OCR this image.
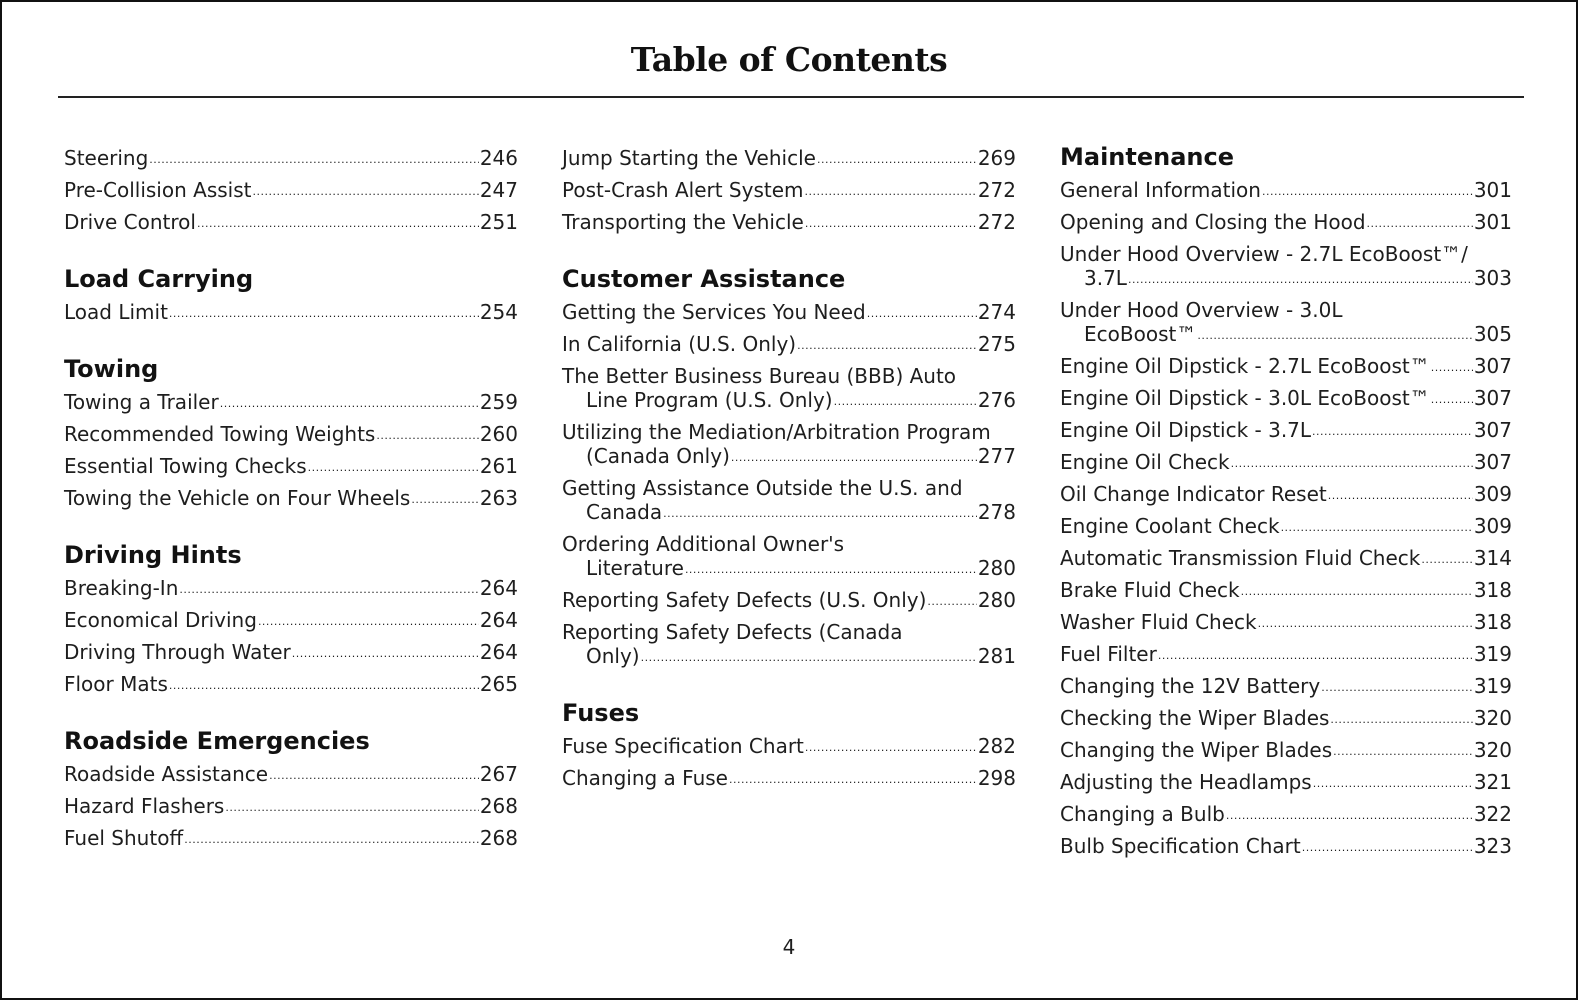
Table of Contents
Steering .....	246
Pre-Collision Assist .....	247
Drive Control .....	251
Load Carrying
Load Limit .....	254
Towing
Towing a Trailer .....	259
Recommended Towing Weights .....	260
Essential Towing Checks .....	261
Towing the Vehicle on Four Wheels .....	263
Driving Hints
Breaking-In .....	264
Economical Driving .....	264
Driving Through Water .....	264
Floor Mats .....	265
Roadside Emergencies
Roadside Assistance .....	267
Hazard Flashers .....	268
Fuel Shutoff .....	268
Jump Starting the Vehicle .....	269
Post-Crash Alert System .....	272
Transporting the Vehicle .....	272
Customer Assistance
Getting the Services You Need .....	274
In California (U.S. Only) .....	275
The Better Business Bureau (BBB) Auto
Line Program (U.S. Only) .....	276
Utilizing the Mediation/Arbitration Program
(Canada Only) .....	277
Getting Assistance Outside the U.S. and
Canada .....	278
Ordering Additional Owner's
Literature .....	280
Reporting Safety Defects (U.S. Only) .....	280
Reporting Safety Defects (Canada
Only) .....	281
Fuses
Fuse Specification Chart .....	282
Changing a Fuse .....	298
Maintenance
General Information .....	301
Opening and Closing the Hood .....	301
Under Hood Overview - 2.7L EcoBoost™/
3.7L .....	303
Under Hood Overview - 3.0L
EcoBoost™ .....	305
Engine Oil Dipstick - 2.7L EcoBoost™ ..... 307
Engine Oil Dipstick - 3.0L EcoBoost™ ..... 307
Engine Oil Dipstick - 3.7L .....	307
Engine Oil Check .....	307
Oil Change Indicator Reset .....	309
Engine Coolant Check .....	309
Automatic Transmission Fluid Check .....	314
Brake Fluid Check .....	318
Washer Fluid Check .....	318
Fuel Filter .....	319
Changing the 12V Battery .....	319
Checking the Wiper Blades .....	320
Changing the Wiper Blades .....	320
Adjusting the Headlamps .....	321
Changing a Bulb .....	322
Bulb Specification Chart .....	323
4
